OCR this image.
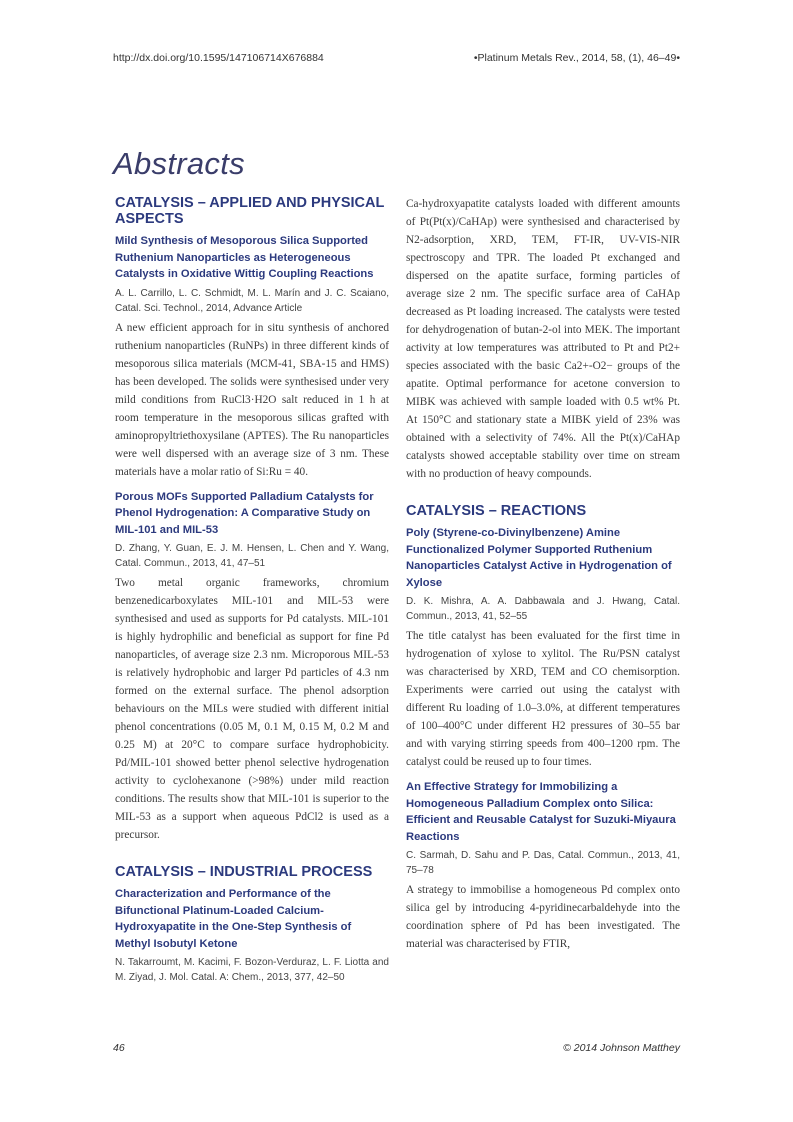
http://dx.doi.org/10.1595/147106714X676884	•Platinum Metals Rev., 2014, 58, (1), 46–49•
Abstracts
CATALYSIS – APPLIED AND PHYSICAL ASPECTS
Mild Synthesis of Mesoporous Silica Supported Ruthenium Nanoparticles as Heterogeneous Catalysts in Oxidative Wittig Coupling Reactions

A. L. Carrillo, L. C. Schmidt, M. L. Marín and J. C. Scaiano, Catal. Sci. Technol., 2014, Advance Article

A new efficient approach for in situ synthesis of anchored ruthenium nanoparticles (RuNPs) in three different kinds of mesoporous silica materials (MCM-41, SBA-15 and HMS) has been developed. The solids were synthesised under very mild conditions from RuCl3·H2O salt reduced in 1 h at room temperature in the mesoporous silicas grafted with aminopropyltriethoxysilane (APTES). The Ru nanoparticles were well dispersed with an average size of 3 nm. These materials have a molar ratio of Si:Ru = 40.

Porous MOFs Supported Palladium Catalysts for Phenol Hydrogenation: A Comparative Study on MIL-101 and MIL-53

D. Zhang, Y. Guan, E. J. M. Hensen, L. Chen and Y. Wang, Catal. Commun., 2013, 41, 47–51

Two metal organic frameworks, chromium benzenedicarboxylates MIL-101 and MIL-53 were synthesised and used as supports for Pd catalysts. MIL-101 is highly hydrophilic and beneficial as support for fine Pd nanoparticles, of average size 2.3 nm. Microporous MIL-53 is relatively hydrophobic and larger Pd particles of 4.3 nm formed on the external surface. The phenol adsorption behaviours on the MILs were studied with different initial phenol concentrations (0.05 M, 0.1 M, 0.15 M, 0.2 M and 0.25 M) at 20°C to compare surface hydrophobicity. Pd/MIL-101 showed better phenol selective hydrogenation activity to cyclohexanone (>98%) under mild reaction conditions. The results show that MIL-101 is superior to the MIL-53 as a support when aqueous PdCl2 is used as a precursor.

CATALYSIS – INDUSTRIAL PROCESS
Characterization and Performance of the Bifunctional Platinum-Loaded Calcium-Hydroxyapatite in the One-Step Synthesis of Methyl Isobutyl Ketone

N. Takarroumt, M. Kacimi, F. Bozon-Verduraz, L. F. Liotta and M. Ziyad, J. Mol. Catal. A: Chem., 2013, 377, 42–50

Ca-hydroxyapatite catalysts loaded with different amounts of Pt(Pt(x)/CaHAp) were synthesised and characterised by N2-adsorption, XRD, TEM, FT-IR, UV-VIS-NIR spectroscopy and TPR. The loaded Pt exchanged and dispersed on the apatite surface, forming particles of average size 2 nm. The specific surface area of CaHAp decreased as Pt loading increased. The catalysts were tested for dehydrogenation of butan-2-ol into MEK. The important activity at low temperatures was attributed to Pt and Pt2+ species associated with the basic Ca2+-O2− groups of the apatite. Optimal performance for acetone conversion to MIBK was achieved with sample loaded with 0.5 wt% Pt. At 150°C and stationary state a MIBK yield of 23% was obtained with a selectivity of 74%. All the Pt(x)/CaHAp catalysts showed acceptable stability over time on stream with no production of heavy compounds.

CATALYSIS – REACTIONS
Poly (Styrene-co-Divinylbenzene) Amine Functionalized Polymer Supported Ruthenium Nanoparticles Catalyst Active in Hydrogenation of Xylose

D. K. Mishra, A. A. Dabbawala and J. Hwang, Catal. Commun., 2013, 41, 52–55

The title catalyst has been evaluated for the first time in hydrogenation of xylose to xylitol. The Ru/PSN catalyst was characterised by XRD, TEM and CO chemisorption. Experiments were carried out using the catalyst with different Ru loading of 1.0–3.0%, at different temperatures of 100–400°C under different H2 pressures of 30–55 bar and with varying stirring speeds from 400–1200 rpm. The catalyst could be reused up to four times.

An Effective Strategy for Immobilizing a Homogeneous Palladium Complex onto Silica: Efficient and Reusable Catalyst for Suzuki-Miyaura Reactions

C. Sarmah, D. Sahu and P. Das, Catal. Commun., 2013, 41, 75–78

A strategy to immobilise a homogeneous Pd complex onto silica gel by introducing 4-pyridinecarbaldehyde into the coordination sphere of Pd has been investigated. The material was characterised by FTIR,

46	© 2014 Johnson Matthey
